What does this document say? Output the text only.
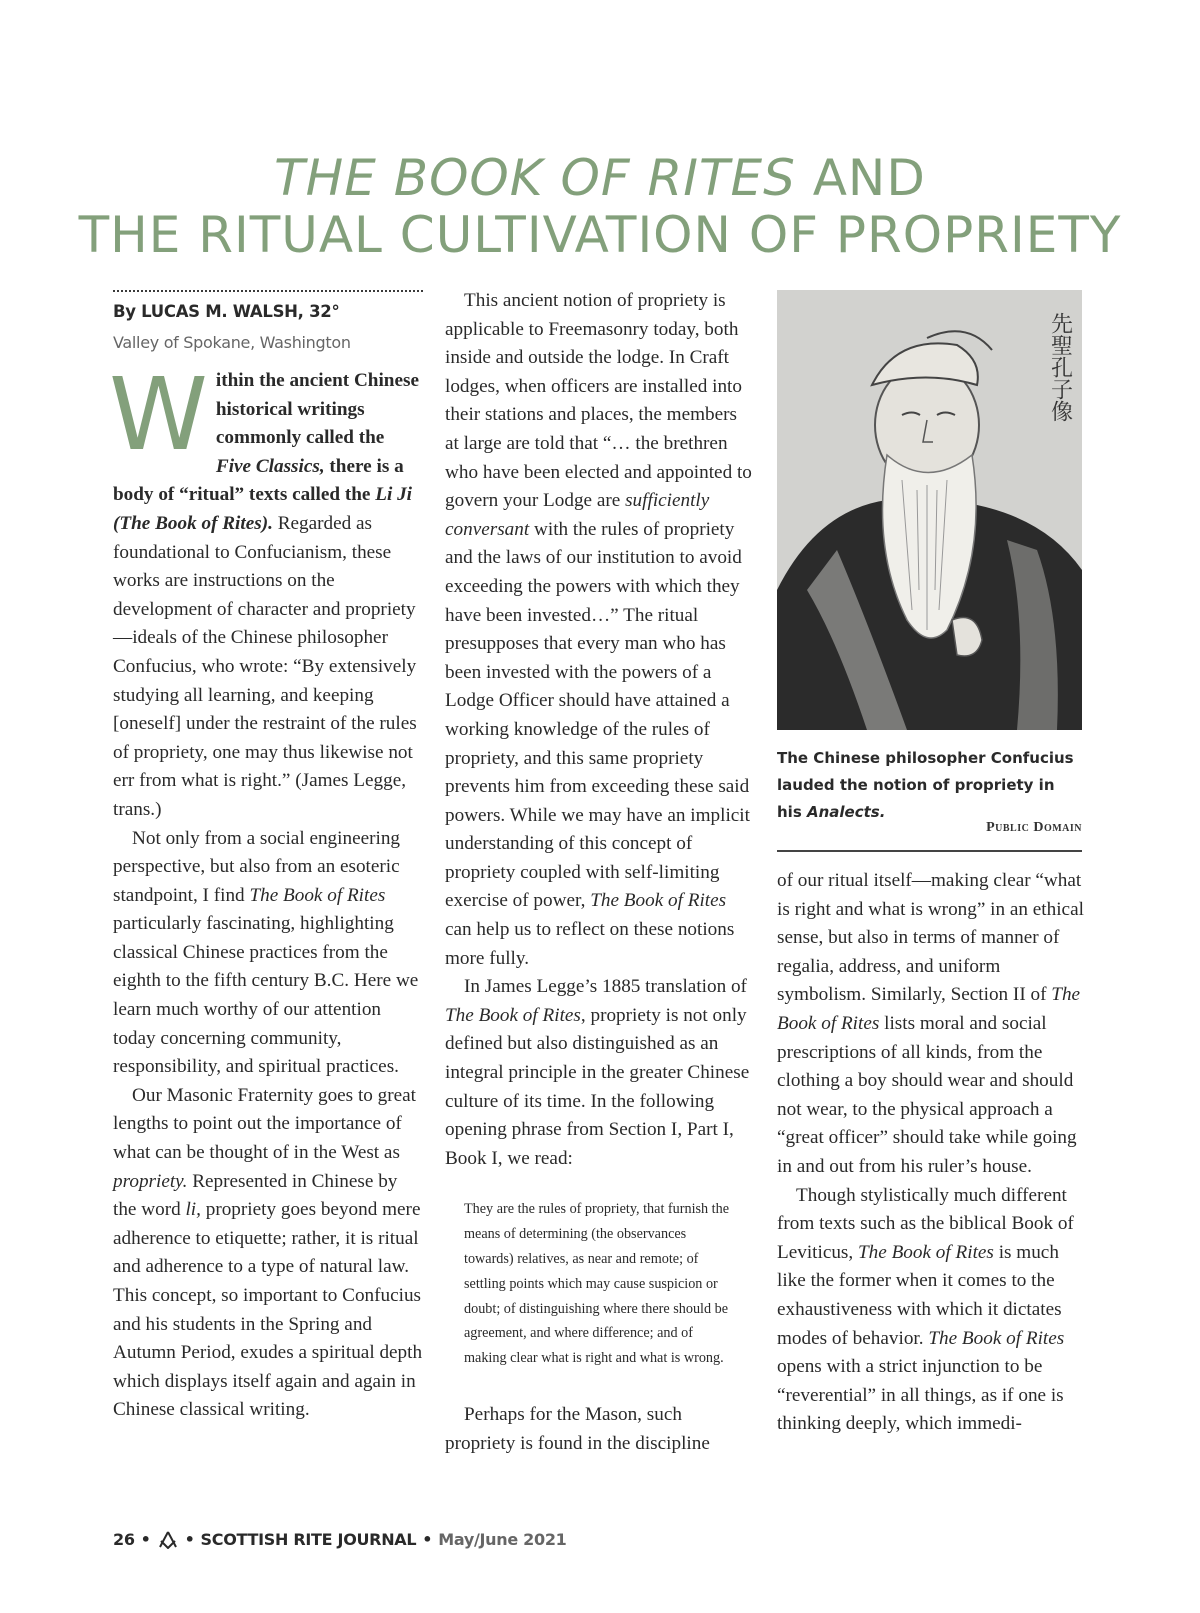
THE BOOK OF RITES AND
THE RITUAL CULTIVATION OF PROPRIETY
By LUCAS M. WALSH, 32°
Valley of Spokane, Washington

Within the ancient Chinese historical writings commonly called the Five Classics, there is a body of “ritual” texts called the Li Ji (The Book of Rites). Regarded as foundational to Confucianism, these works are instructions on the development of character and propriety—ideals of the Chinese philosopher Confucius, who wrote: “By extensively studying all learning, and keeping [oneself] under the restraint of the rules of propriety, one may thus likewise not err from what is right.” (James Legge, trans.)

Not only from a social engineering perspective, but also from an esoteric standpoint, I find The Book of Rites particularly fascinating, highlighting classical Chinese practices from the eighth to the fifth century B.C. Here we learn much worthy of our attention today concerning community, responsibility, and spiritual practices.

Our Masonic Fraternity goes to great lengths to point out the importance of what can be thought of in the West as propriety. Represented in Chinese by the word li, propriety goes beyond mere adherence to etiquette; rather, it is ritual and adherence to a type of natural law. This concept, so important to Confucius and his students in the Spring and Autumn Period, exudes a spiritual depth which displays itself again and again in Chinese classical writing.

This ancient notion of propriety is applicable to Freemasonry today, both inside and outside the lodge. In Craft lodges, when officers are installed into their stations and places, the members at large are told that “… the brethren who have been elected and appointed to govern your Lodge are sufficiently conversant with the rules of propriety and the laws of our institution to avoid exceeding the powers with which they have been invested…” The ritual presupposes that every man who has been invested with the powers of a Lodge Officer should have attained a working knowledge of the rules of propriety, and this same propriety prevents him from exceeding these said powers. While we may have an implicit understanding of this concept of propriety coupled with self-limiting exercise of power, The Book of Rites can help us to reflect on these notions more fully.

In James Legge’s 1885 translation of The Book of Rites, propriety is not only defined but also distinguished as an integral principle in the greater Chinese culture of its time. In the following opening phrase from Section I, Part I, Book I, we read:

They are the rules of propriety, that furnish the means of determining (the observances towards) relatives, as near and remote; of settling points which may cause suspicion or doubt; of distinguishing where there should be agreement, and where difference; and of making clear what is right and what is wrong.

Perhaps for the Mason, such propriety is found in the discipline

先聖孔子像
The Chinese philosopher Confucius lauded the notion of propriety in his Analects.
Public Domain

of our ritual itself—making clear “what is right and what is wrong” in an ethical sense, but also in terms of manner of regalia, address, and uniform symbolism. Similarly, Section II of The Book of Rites lists moral and social prescriptions of all kinds, from the clothing a boy should wear and should not wear, to the physical approach a “great officer” should take while going in and out from his ruler’s house.

Though stylistically much different from texts such as the biblical Book of Leviticus, The Book of Rites is much like the former when it comes to the exhaustiveness with which it dictates modes of behavior. The Book of Rites opens with a strict injunction to be “reverential” in all things, as if one is thinking deeply, which immedi-

26 • • SCOTTISH RITE JOURNAL • May/June 2021
